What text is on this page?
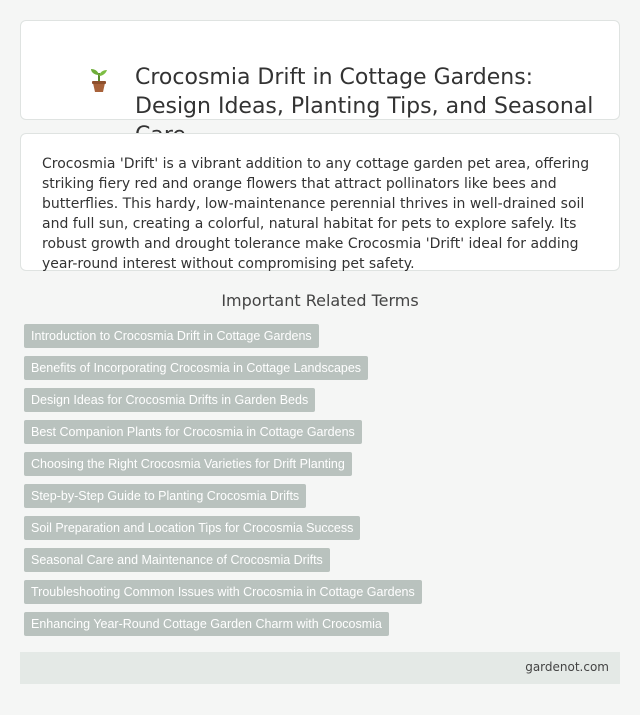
Crocosmia Drift in Cottage Gardens: Design Ideas, Planting Tips, and Seasonal

Crocosmia 'Drift' is a vibrant addition to any cottage garden pet area, offering striking fiery red and orange flowers that attract pollinators like bees and butterflies. This hardy, low-maintenance perennial thrives in well-drained soil and full sun, creating a colorful, natural habitat for pets to explore safely. Its robust growth and drought tolerance make Crocosmia 'Drift' ideal for adding year-round interest without compromising pet safety.

Important Related Terms
Introduction to Crocosmia Drift in Cottage Gardens
Benefits of Incorporating Crocosmia in Cottage Landscapes
Design Ideas for Crocosmia Drifts in Garden Beds
Best Companion Plants for Crocosmia in Cottage Gardens
Choosing the Right Crocosmia Varieties for Drift Planting
Step-by-Step Guide to Planting Crocosmia Drifts
Soil Preparation and Location Tips for Crocosmia Success
Seasonal Care and Maintenance of Crocosmia Drifts
Troubleshooting Common Issues with Crocosmia in Cottage Gardens
Enhancing Year-Round Cottage Garden Charm with Crocosmia
gardenot.com
